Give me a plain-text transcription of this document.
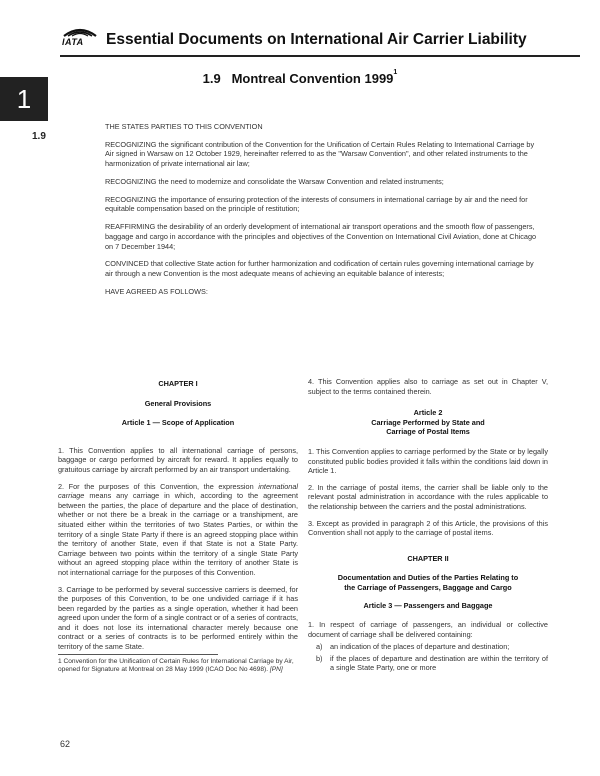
IATA Essential Documents on International Air Carrier Liability
1
1.9
1.9 Montreal Convention 1999$^1$

THE STATES PARTIES TO THIS CONVENTION

RECOGNIZING the significant contribution of the Convention for the Unification of Certain Rules Relating to International Carriage by Air signed in Warsaw on 12 October 1929, hereinafter referred to as the "Warsaw Convention", and other related instruments to the harmonization of private international air law;

RECOGNIZING the need to modernize and consolidate the Warsaw Convention and related instruments;

RECOGNIZING the importance of ensuring protection of the interests of consumers in international carriage by air and the need for equitable compensation based on the principle of restitution;

REAFFIRMING the desirability of an orderly development of international air transport operations and the smooth flow of passengers, baggage and cargo in accordance with the principles and objectives of the Convention on International Civil Aviation, done at Chicago on 7 December 1944;

CONVINCED that collective State action for further harmonization and codification of certain rules governing international carriage by air through a new Convention is the most adequate means of achieving an equitable balance of interests;

HAVE AGREED AS FOLLOWS:

CHAPTER I

General Provisions

Article 1 — Scope of Application

1. This Convention applies to all international carriage of persons, baggage or cargo performed by aircraft for reward. It applies equally to gratuitous carriage by aircraft performed by an air transport undertaking.

2. For the purposes of this Convention, the expression international carriage means any carriage in which, according to the agreement between the parties, the place of departure and the place of destination, whether or not there be a break in the carriage or a transhipment, are situated either within the territories of two States Parties, or within the territory of a single State Party if there is an agreed stopping place within the territory of another State, even if that State is not a State Party. Carriage between two points within the territory of a single State Party without an agreed stopping place within the territory of another State is not international carriage for the purposes of this Convention.

3. Carriage to be performed by several successive carriers is deemed, for the purposes of this Convention, to be one undivided carriage if it has been regarded by the parties as a single operation, whether it had been agreed upon under the form of a single contract or of a series of contracts, and it does not lose its international character merely because one contract or a series of contracts is to be performed entirely within the territory of the same State.

1 Convention for the Unification of Certain Rules for International Carriage by Air, opened for Signature at Montreal on 28 May 1999 (ICAO Doc No 4698). [PN]

4. This Convention applies also to carriage as set out in Chapter V, subject to the terms contained therein.

Article 2
Carriage Performed by State and
Carriage of Postal Items

1. This Convention applies to carriage performed by the State or by legally constituted public bodies provided it falls within the conditions laid down in Article 1.

2. In the carriage of postal items, the carrier shall be liable only to the relevant postal administration in accordance with the rules applicable to the relationship between the carriers and the postal administrations.

3. Except as provided in paragraph 2 of this Article, the provisions of this Convention shall not apply to the carriage of postal items.

CHAPTER II

Documentation and Duties of the Parties Relating to
the Carriage of Passengers, Baggage and Cargo

Article 3 — Passengers and Baggage

1. In respect of carriage of passengers, an individual or collective document of carriage shall be delivered containing:

a)	an indication of the places of departure and destination;
b)	if the places of departure and destination are within the territory of a single State Party, one or more
62
